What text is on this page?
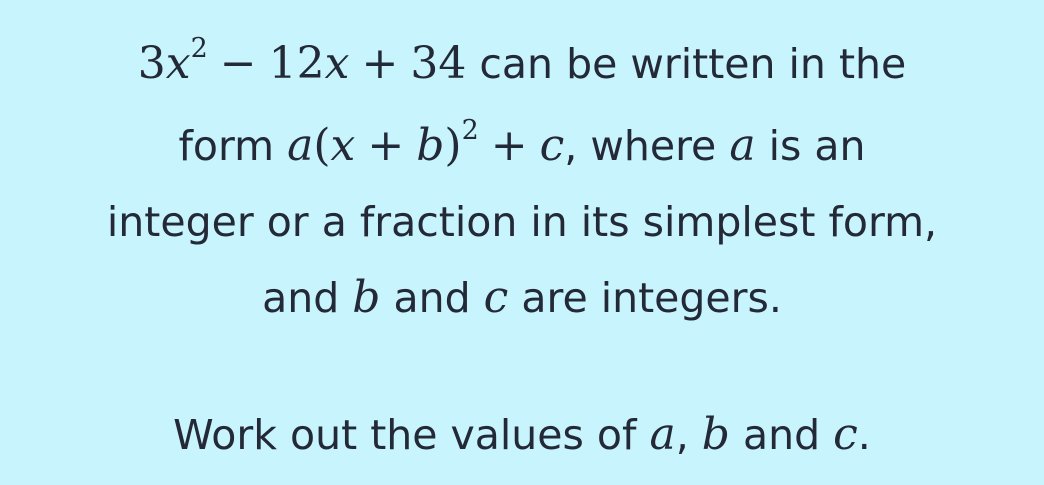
$3x^2 - 12x + 34$ can be written in the
form $a(x + b)^2 + c$, where a is an
integer or a fraction in its simplest form,
and b and c are integers.
Work out the values of a, b and c.
